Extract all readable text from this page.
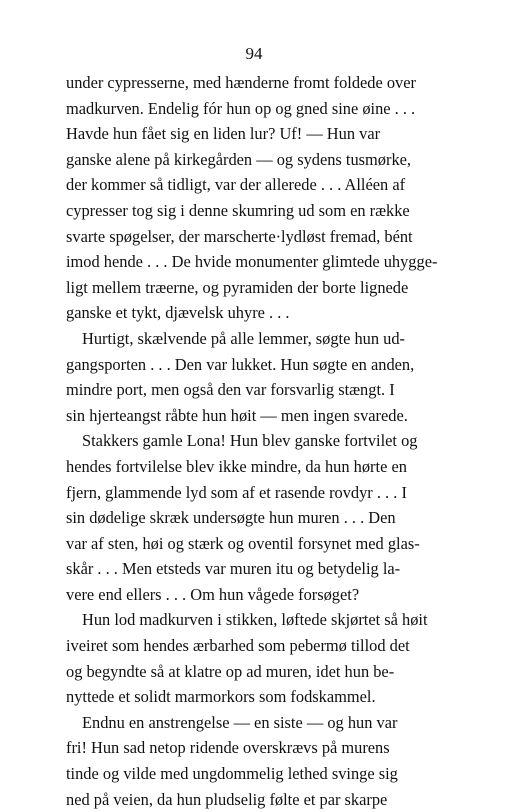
94
under cypresserne, med hænderne fromt foldede over
madkurven. Endelig fór hun op og gned sine øine . . .
Havde hun fået sig en liden lur? Uf! — Hun var
ganske alene på kirkegården — og sydens tusmørke,
der kommer så tidligt, var der allerede . . . Alléen af
cypresser tog sig i denne skumring ud som en række
svarte spøgelser, der marscherte·lydløst fremad, bént
imod hende . . . De hvide monumenter glimtede uhygge-
ligt mellem træerne, og pyramiden der borte lignede
ganske et tykt, djævelsk uhyre . . .
Hurtigt, skælvende på alle lemmer, søgte hun ud-
gangsporten . . . Den var lukket. Hun søgte en anden,
mindre port, men også den var forsvarlig stængt. I
sin hjerteangst råbte hun høit — men ingen svarede.
Stakkers gamle Lona! Hun blev ganske fortvilet og
hendes fortvilelse blev ikke mindre, da hun hørte en
fjern, glammende lyd som af et rasende rovdyr . . . I
sin dødelige skræk undersøgte hun muren . . . Den
var af sten, høi og stærk og oventil forsynet med glas-
skår . . . Men etsteds var muren itu og betydelig la-
vere end ellers . . . Om hun vågede forsøget?
Hun lod madkurven i stikken, løftede skjørtet så høit
iveiret som hendes ærbarhed som pebermø tillod det
og begyndte så at klatre op ad muren, idet hun be-
nyttede et solidt marmorkors som fodskammel.
Endnu en anstrengelse — en siste — og hun var
fri! Hun sad netop ridende overskrævs på murens
tinde og vilde med ungdommelig lethed svinge sig
ned på veien, da hun pludselig følte et par skarpe
